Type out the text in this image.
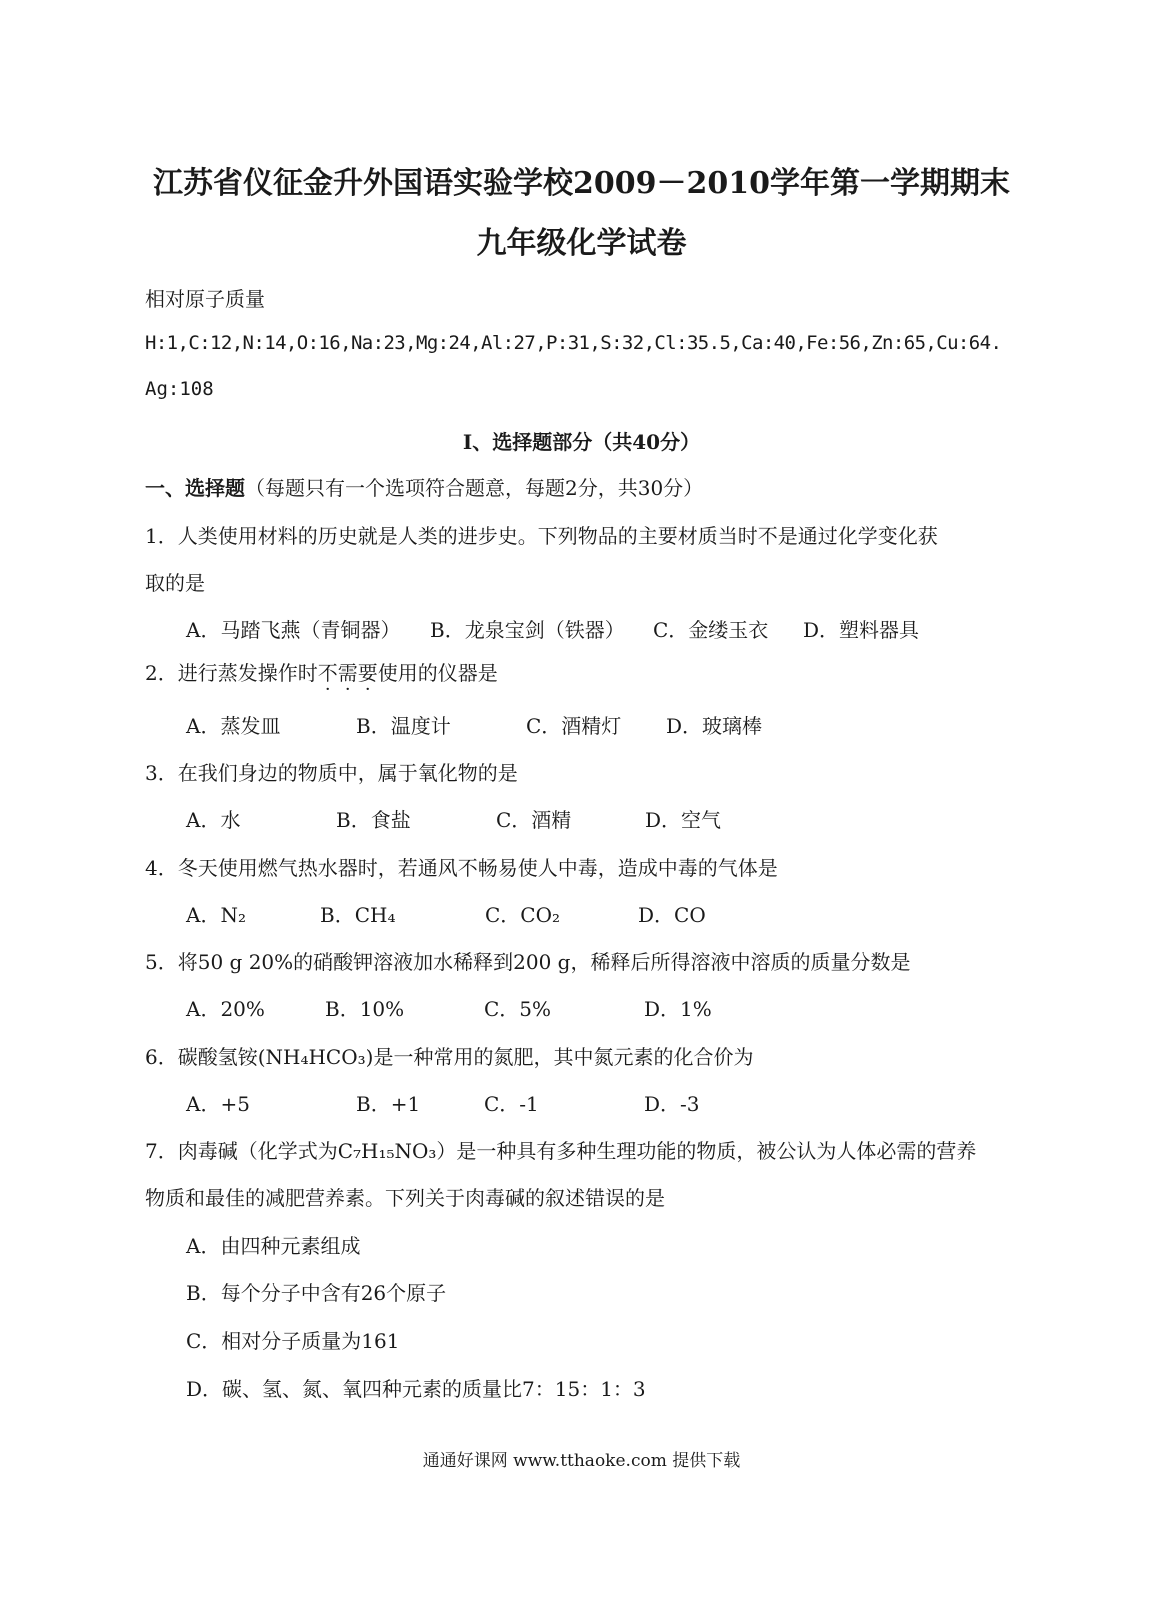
江苏省仪征金升外国语实验学校2009－2010学年第一学期期末
九年级化学试卷
相对原子质量
H:1,C:12,N:14,O:16,Na:23,Mg:24,Al:27,P:31,S:32,Cl:35.5,Ca:40,Fe:56,Zn:65,Cu:64.
Ag:108
Ⅰ、选择题部分（共40分）
一、选择题（每题只有一个选项符合题意，每题2分，共30分）
1．人类使用材料的历史就是人类的进步史。下列物品的主要材质当时不是通过化学变化获
取的是
A．马踏飞燕（青铜器） B．龙泉宝剑（铁器） C．金缕玉衣 D．塑料器具
2．进行蒸发操作时不需要使用的仪器是
A．蒸发皿	B．温度计	C．酒精灯 D．玻璃棒
3．在我们身边的物质中，属于氧化物的是
A．水	B．食盐	C．酒精	D．空气
4．冬天使用燃气热水器时，若通风不畅易使人中毒，造成中毒的气体是
A．N₂	B．CH₄	C．CO₂	D．CO
5．将50 g 20%的硝酸钾溶液加水稀释到200 g，稀释后所得溶液中溶质的质量分数是
A．20%	B．10%	C．5%	D．1%
6．碳酸氢铵(NH₄HCO₃)是一种常用的氮肥，其中氮元素的化合价为
A．+5	B．+1	C．-1	D．-3
7．肉毒碱（化学式为C₇H₁₅NO₃）是一种具有多种生理功能的物质，被公认为人体必需的营养
物质和最佳的减肥营养素。下列关于肉毒碱的叙述错误的是
A．由四种元素组成
B．每个分子中含有26个原子
C．相对分子质量为161
D．碳、氢、氮、氧四种元素的质量比7：15：1：3
通通好课网 www.tthaoke.com 提供下载
